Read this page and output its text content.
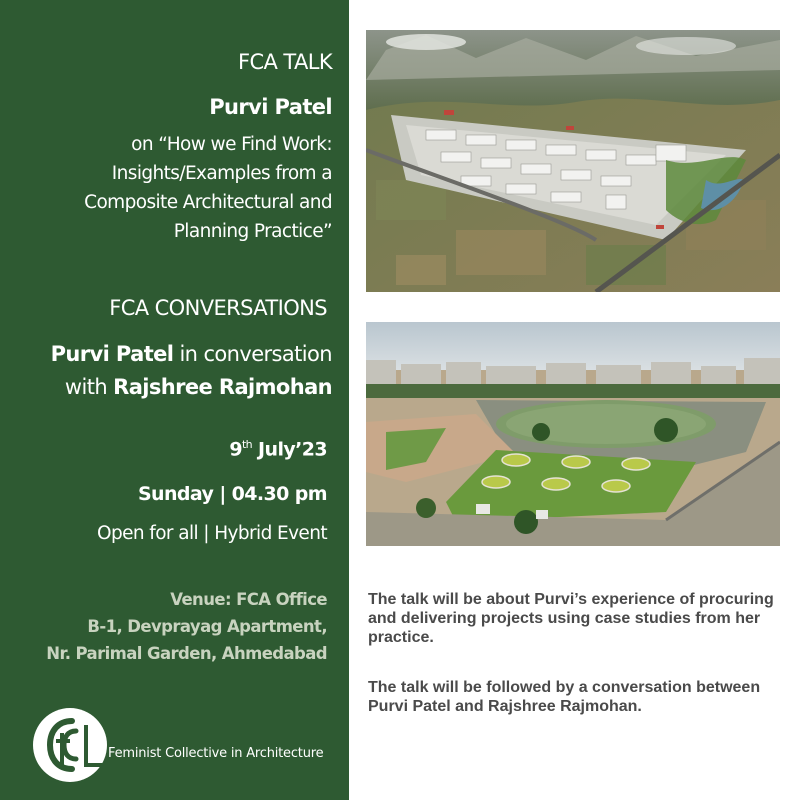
FCA TALK
Purvi Patel
on “How we Find Work:
Insights/Examples from a
Composite Architectural and
Planning Practice”
FCA CONVERSATIONS
Purvi Patel in conversation
with Rajshree Rajmohan
9th July’23
Sunday | 04.30 pm
Open for all | Hybrid Event
Venue: FCA Office
B-1, Devprayag Apartment,
Nr. Parimal Garden, Ahmedabad
Feminist Collective in Architecture
The talk will be about Purvi’s experience of procuring
and delivering projects using case studies from her
practice.
The talk will be followed by a conversation between
Purvi Patel and Rajshree Rajmohan.
